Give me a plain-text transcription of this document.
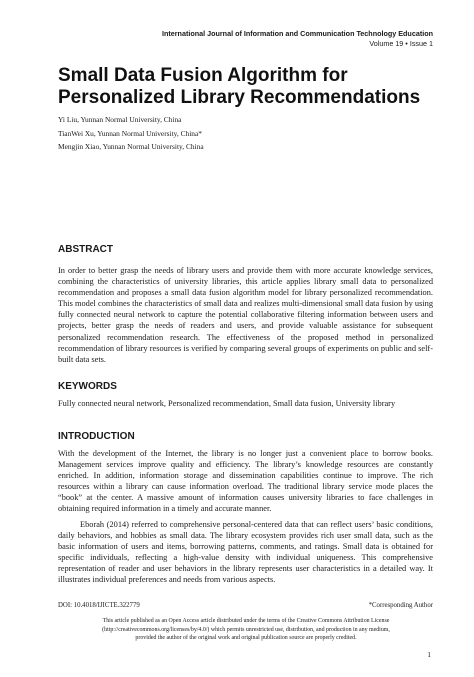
International Journal of Information and Communication Technology Education
Volume 19 • Issue 1
Small Data Fusion Algorithm for
Personalized Library Recommendations
Yi Liu, Yunnan Normal University, China
TianWei Xu, Yunnan Normal University, China*
Mengjin Xiao, Yunnan Normal University, China
ABSTRACT

In order to better grasp the needs of library users and provide them with more accurate knowledge services, combining the characteristics of university libraries, this article applies library small data to personalized recommendation and proposes a small data fusion algorithm model for library personalized recommendation. This model combines the characteristics of small data and realizes multi-dimensional small data fusion by using fully connected neural network to capture the potential collaborative filtering information between users and projects, better grasp the needs of readers and users, and provide valuable assistance for subsequent personalized recommendation research. The effectiveness of the proposed method in personalized recommendation of library resources is verified by comparing several groups of experiments on public and self-built data sets.

KEYWORDS

Fully connected neural network, Personalized recommendation, Small data fusion, University library

INTRODUCTION

With the development of the Internet, the library is no longer just a convenient place to borrow books. Management services improve quality and efficiency. The library’s knowledge resources are constantly enriched. In addition, information storage and dissemination capabilities continue to improve. The rich resources within a library can cause information overload. The traditional library service mode places the “book” at the center. A massive amount of information causes university libraries to face challenges in obtaining required information in a timely and accurate manner.

Eborah (2014) referred to comprehensive personal-centered data that can reflect users’ basic conditions, daily behaviors, and hobbies as small data. The library ecosystem provides rich user small data, such as the basic information of users and items, borrowing patterns, comments, and ratings. Small data is obtained for specific individuals, reflecting a high-value density with individual uniqueness. This comprehensive representation of reader and user behaviors in the library represents user characteristics in a detailed way. It illustrates individual preferences and needs from various aspects.

DOI: 10.4018/IJICTE.322779	*Corresponding Author
This article published as an Open Access article distributed under the terms of the Creative Commons Attribution License
(http://creativecommons.org/licenses/by/4.0/) which permits unrestricted use, distribution, and production in any medium,
provided the author of the original work and original publication source are properly credited.
1
